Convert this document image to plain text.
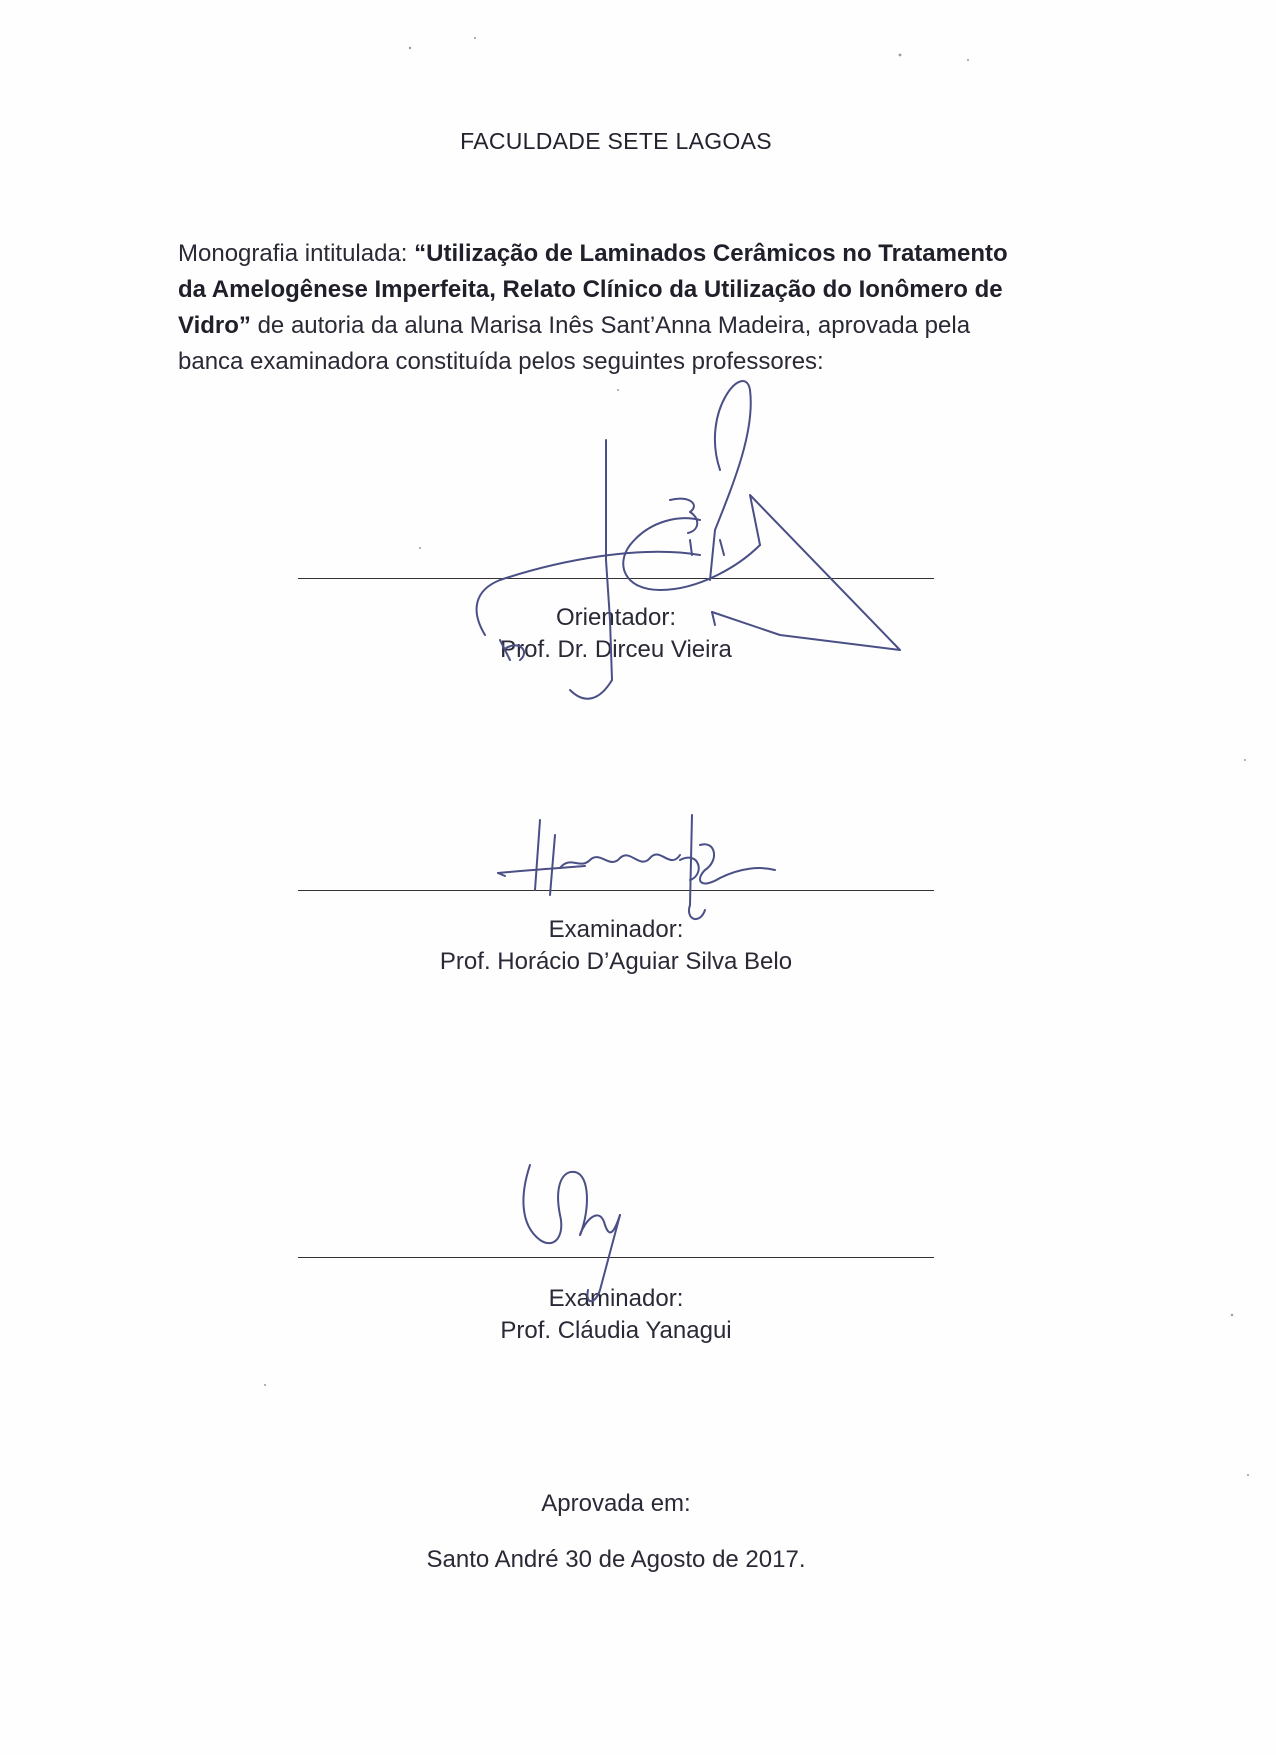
FACULDADE SETE LAGOAS
Monografia intitulada: “Utilização de Laminados Cerâmicos no Tratamento da Amelogênese Imperfeita, Relato Clínico da Utilização do Ionômero de Vidro” de autoria da aluna Marisa Inês Sant’Anna Madeira, aprovada pela banca examinadora constituída pelos seguintes professores:
Orientador:
Prof. Dr. Dirceu Vieira
Examinador:
Prof. Horácio D’Aguiar Silva Belo
Examinador:
Prof. Cláudia Yanagui
Aprovada em:
Santo André 30 de Agosto de 2017.
